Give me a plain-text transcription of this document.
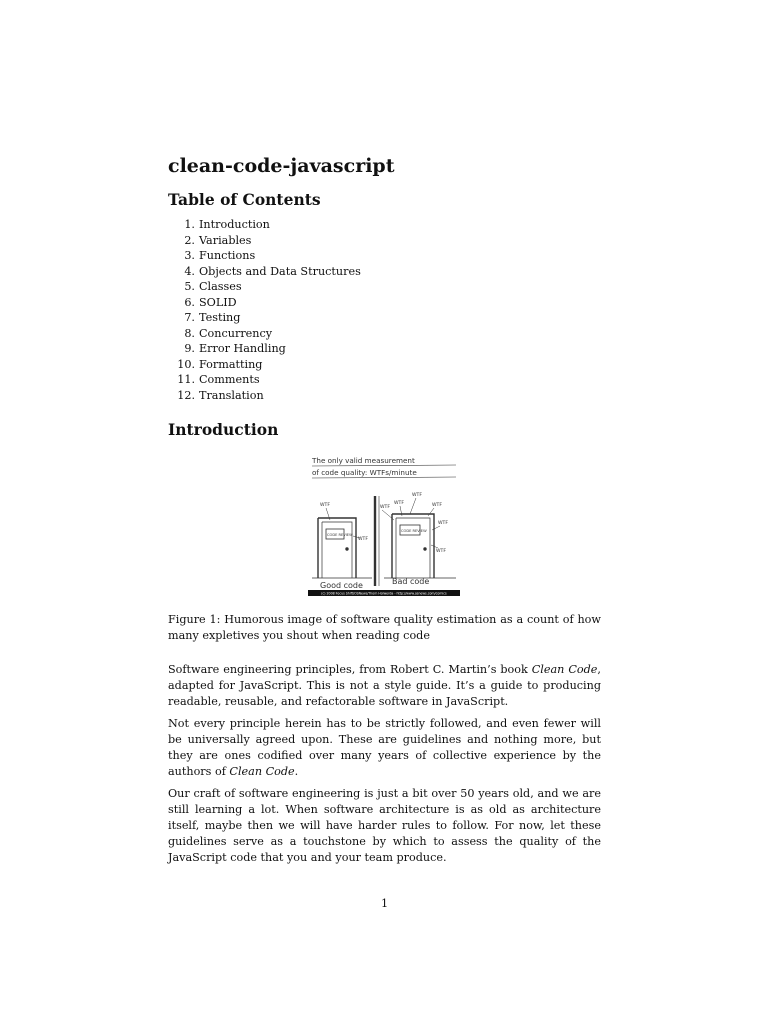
clean-code-javascript
Table of Contents
1. Introduction
2. Variables
3. Functions
4. Objects and Data Structures
5. Classes
6. SOLID
7. Testing
8. Concurrency
9. Error Handling
10. Formatting
11. Comments
12. Translation
Introduction
The only valid measurement
of code quality: WTFs/minute
CODE REVIEW
CODE REVIEW
WTF
WTF
WTF
WTF
WTF
WTF
WTF
WTF
Good code	Bad code
(c) 2008 Focus Shift/OSNews/Thom Holwerda - http://www.osnews.com/comics

Figure 1: Humorous image of software quality estimation as a count of how many expletives you shout when reading code

Software engineering principles, from Robert C. Martin’s book Clean Code, adapted for JavaScript. This is not a style guide. It’s a guide to producing readable, reusable, and refactorable software in JavaScript.

Not every principle herein has to be strictly followed, and even fewer will be universally agreed upon. These are guidelines and nothing more, but they are ones codified over many years of collective experience by the authors of Clean Code.

Our craft of software engineering is just a bit over 50 years old, and we are still learning a lot. When software architecture is as old as architecture itself, maybe then we will have harder rules to follow. For now, let these guidelines serve as a touchstone by which to assess the quality of the JavaScript code that you and your team produce.

1
